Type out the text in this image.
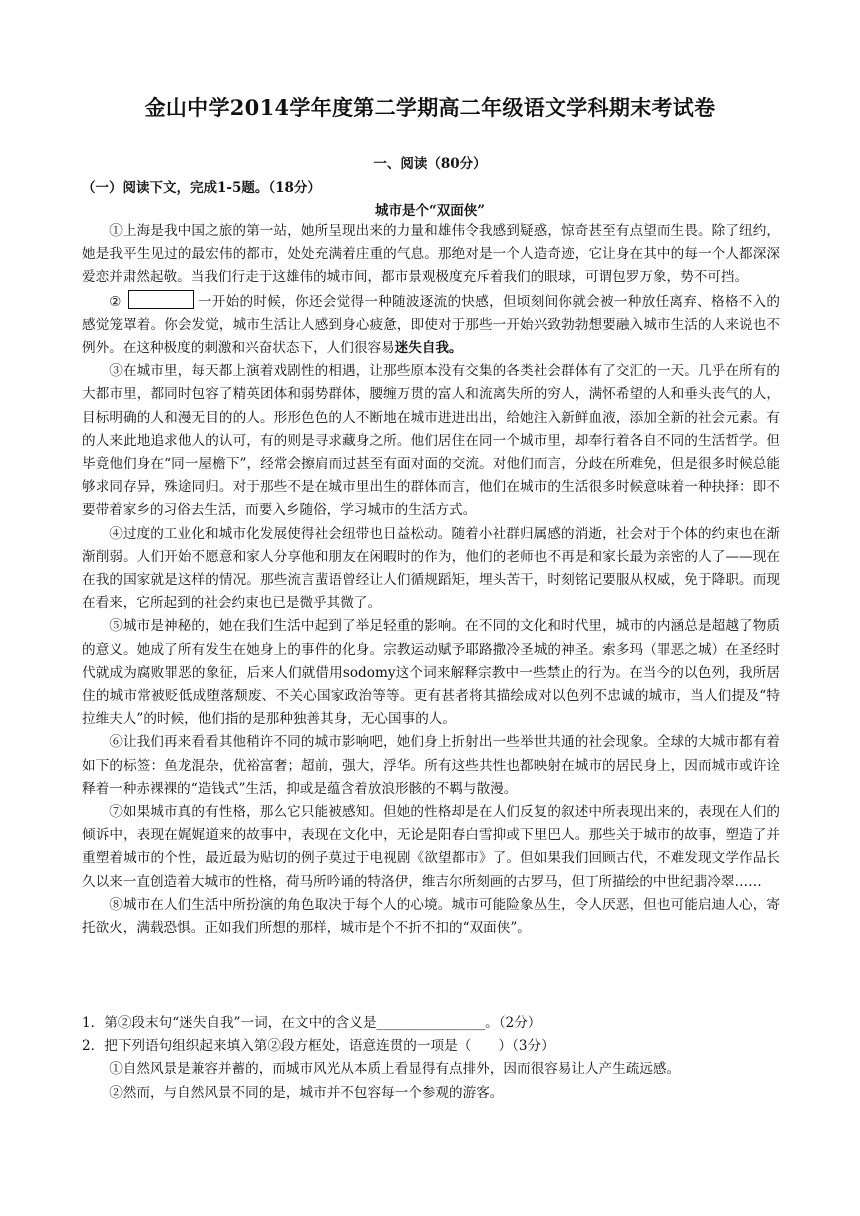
金山中学2014学年度第二学期高二年级语文学科期末考试卷
一、阅读（80分）
（一）阅读下文，完成1-5题。（18分）
城市是个“双面侠”

①上海是我中国之旅的第一站，她所呈现出来的力量和雄伟令我感到疑惑，惊奇甚至有点望而生畏。除了纽约，她是我平生见过的最宏伟的都市，处处充满着庄重的气息。那绝对是一个人造奇迹，它让身在其中的每一个人都深深爱恋并肃然起敬。当我们行走于这雄伟的城市间，都市景观极度充斥着我们的眼球，可谓包罗万象，势不可挡。

②	一开始的时候，你还会觉得一种随波逐流的快感，但顷刻间你就会被一种放任离弃、格格不入的感觉笼罩着。你会发觉，城市生活让人感到身心疲惫，即使对于那些一开始兴致勃勃想要融入城市生活的人来说也不例外。在这种极度的刺激和兴奋状态下，人们很容易迷失自我。

③在城市里，每天都上演着戏剧性的相遇，让那些原本没有交集的各类社会群体有了交汇的一天。几乎在所有的大都市里，都同时包容了精英团体和弱势群体，腰缠万贯的富人和流离失所的穷人，满怀希望的人和垂头丧气的人，目标明确的人和漫无目的的人。形形色色的人不断地在城市进进出出，给她注入新鲜血液，添加全新的社会元素。有的人来此地追求他人的认可，有的则是寻求藏身之所。他们居住在同一个城市里，却奉行着各自不同的生活哲学。但毕竟他们身在“同一屋檐下”，经常会擦肩而过甚至有面对面的交流。对他们而言，分歧在所难免，但是很多时候总能够求同存异，殊途同归。对于那些不是在城市里出生的群体而言，他们在城市的生活很多时候意味着一种抉择：即不要带着家乡的习俗去生活，而要入乡随俗，学习城市的生活方式。

④过度的工业化和城市化发展使得社会纽带也日益松动。随着小社群归属感的消逝，社会对于个体的约束也在渐渐削弱。人们开始不愿意和家人分享他和朋友在闲暇时的作为，他们的老师也不再是和家长最为亲密的人了——现在在我的国家就是这样的情况。那些流言蜚语曾经让人们循规蹈矩，埋头苦干，时刻铭记要服从权威，免于降职。而现在看来，它所起到的社会约束也已是微乎其微了。

⑤城市是神秘的，她在我们生活中起到了举足轻重的影响。在不同的文化和时代里，城市的内涵总是超越了物质的意义。她成了所有发生在她身上的事件的化身。宗教运动赋予耶路撒冷圣城的神圣。索多玛（罪恶之城）在圣经时代就成为腐败罪恶的象征，后来人们就借用sodomy这个词来解释宗教中一些禁止的行为。在当今的以色列，我所居住的城市常被贬低成堕落颓废、不关心国家政治等等。更有甚者将其描绘成对以色列不忠诚的城市，当人们提及“特拉维夫人”的时候，他们指的是那种独善其身，无心国事的人。

⑥让我们再来看看其他稍许不同的城市影响吧，她们身上折射出一些举世共通的社会现象。全球的大城市都有着如下的标签：鱼龙混杂，优裕富奢；超前，强大，浮华。所有这些共性也都映射在城市的居民身上，因而城市或许诠释着一种赤裸裸的“造钱式”生活，抑或是蕴含着放浪形骸的不羁与散漫。

⑦如果城市真的有性格，那么它只能被感知。但她的性格却是在人们反复的叙述中所表现出来的，表现在人们的倾诉中，表现在娓娓道来的故事中，表现在文化中，无论是阳春白雪抑或下里巴人。那些关于城市的故事，塑造了并重塑着城市的个性，最近最为贴切的例子莫过于电视剧《欲望都市》了。但如果我们回顾古代，不难发现文学作品长久以来一直创造着大城市的性格，荷马所吟诵的特洛伊，维吉尔所刻画的古罗马，但丁所描绘的中世纪翡冷翠……

⑧城市在人们生活中所扮演的角色取决于每个人的心境。城市可能险象丛生，令人厌恶，但也可能启迪人心，寄托欲火，满载恐惧。正如我们所想的那样，城市是个不折不扣的“双面侠”。

1．第②段末句“迷失自我”一词，在文中的含义是________________。（2分）

2．把下列语句组织起来填入第②段方框处，语意连贯的一项是（　　）（3分）

①自然风景是兼容并蓄的，而城市风光从本质上看显得有点排外，因而很容易让人产生疏远感。

②然而，与自然风景不同的是，城市并不包容每一个参观的游客。
